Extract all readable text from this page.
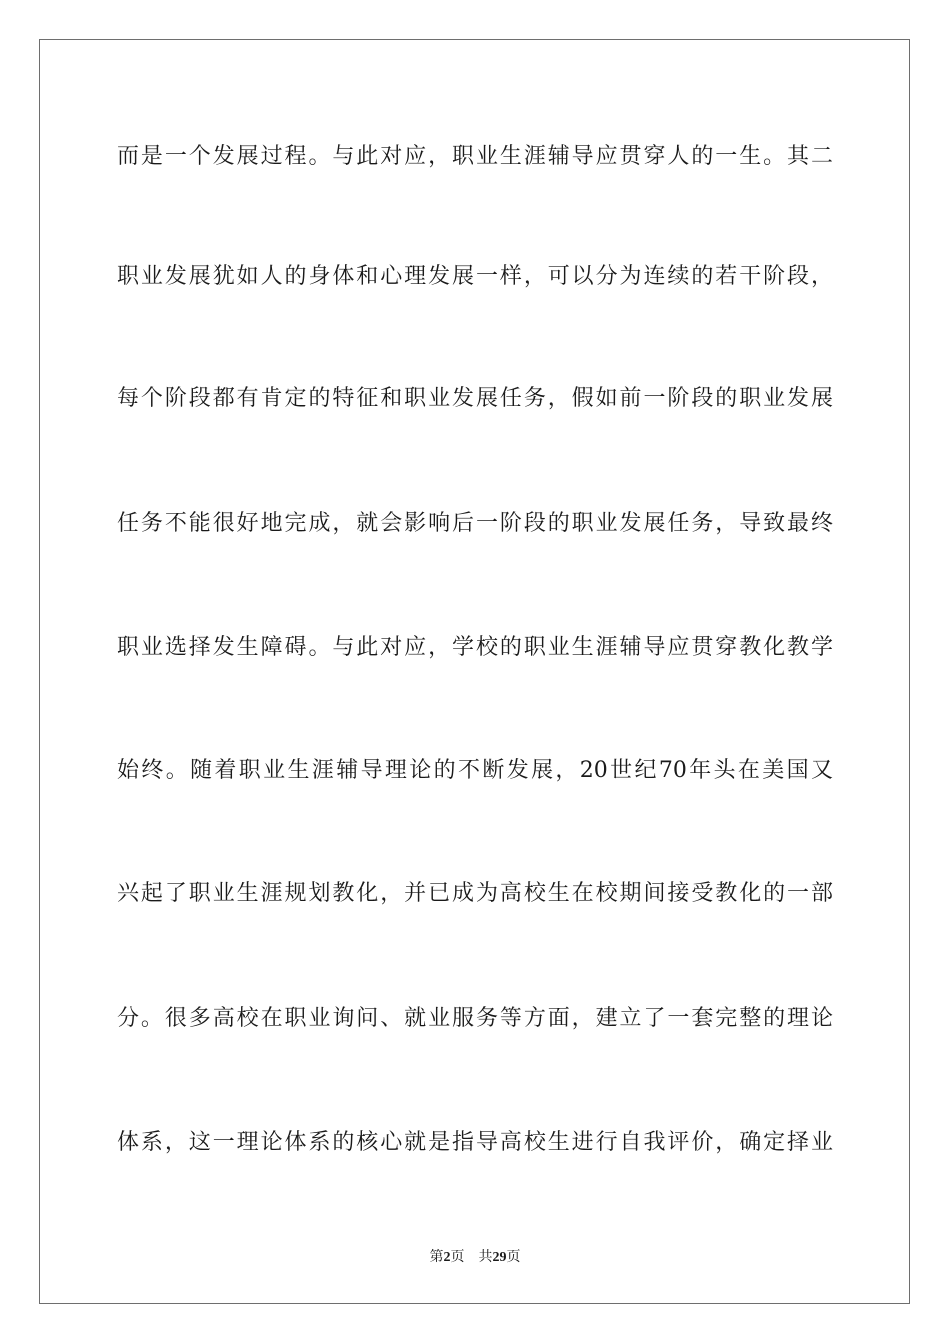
而是一个发展过程。与此对应，职业生涯辅导应贯穿人的一生。其二
职业发展犹如人的身体和心理发展一样，可以分为连续的若干阶段，
每个阶段都有肯定的特征和职业发展任务，假如前一阶段的职业发展
任务不能很好地完成，就会影响后一阶段的职业发展任务，导致最终
职业选择发生障碍。与此对应，学校的职业生涯辅导应贯穿教化教学
始终。随着职业生涯辅导理论的不断发展，20世纪70年头在美国又
兴起了职业生涯规划教化，并已成为高校生在校期间接受教化的一部
分。很多高校在职业询问、就业服务等方面，建立了一套完整的理论
体系，这一理论体系的核心就是指导高校生进行自我评价，确定择业
第2页 共29页
